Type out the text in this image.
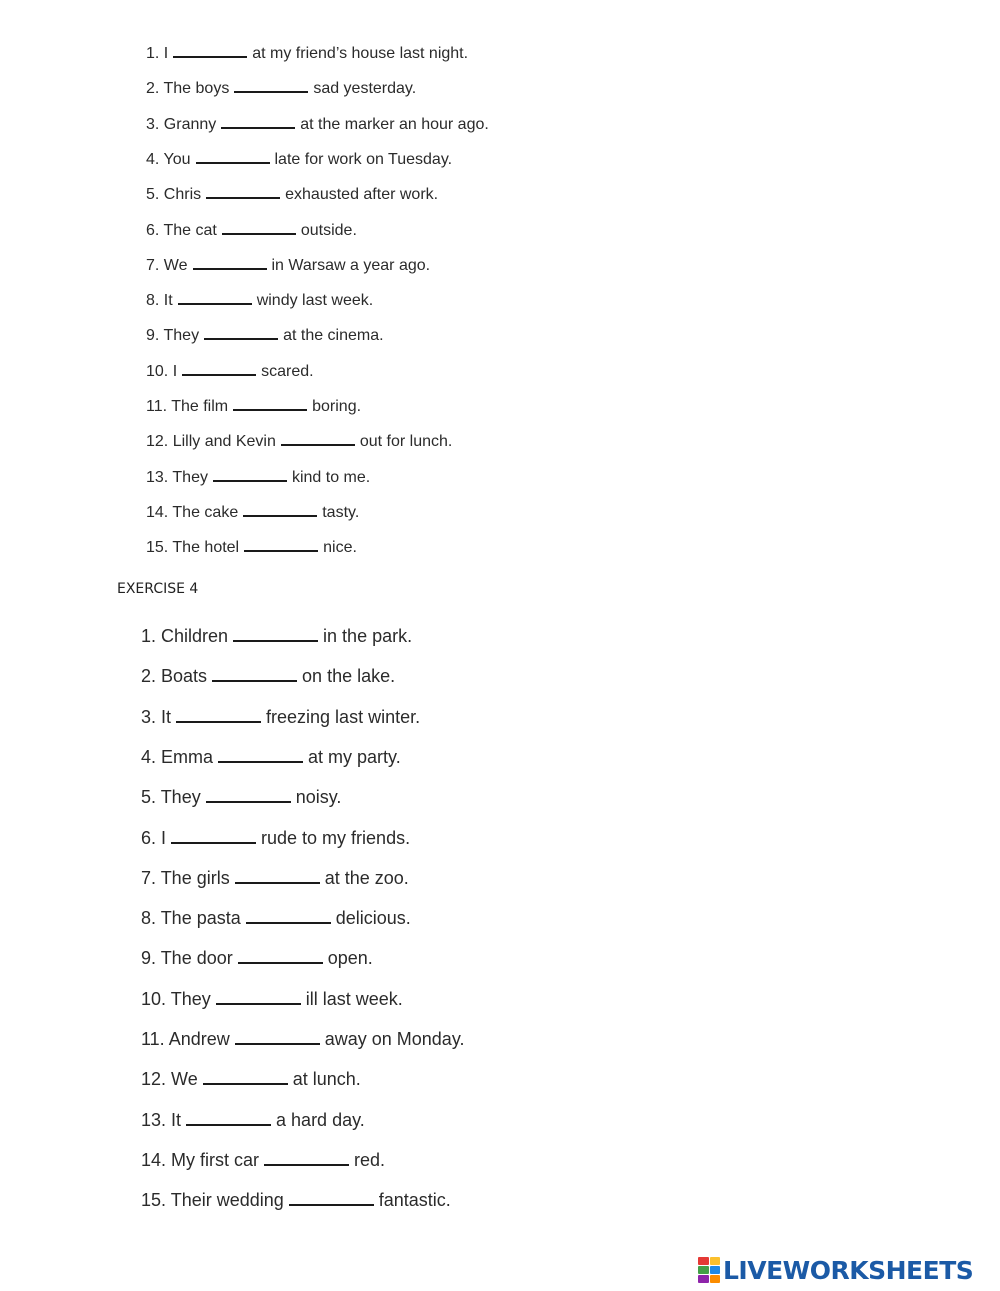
1. I	at my friend’s house last night.
2. The boys	sad yesterday.
3. Granny	at the marker an hour ago.
4. You	late for work on Tuesday.
5. Chris	exhausted after work.
6. The cat	outside.
7. We	in Warsaw a year ago.
8. It	windy last week.
9. They	at the cinema.
10. I	scared.
11. The film	boring.
12. Lilly and Kevin	out for lunch.
13. They	kind to me.
14. The cake	tasty.
15. The hotel	nice.
EXERCISE 4
1. Children	in the park.
2. Boats	on the lake.
3. It	freezing last winter.
4. Emma	at my party.
5. They	noisy.
6. I	rude to my friends.
7. The girls	at the zoo.
8. The pasta	delicious.
9. The door	open.
10. They	ill last week.
11. Andrew	away on Monday.
12. We	at lunch.
13. It	a hard day.
14. My first car	red.
15. Their wedding	fantastic.
LIVEWORKSHEETS
